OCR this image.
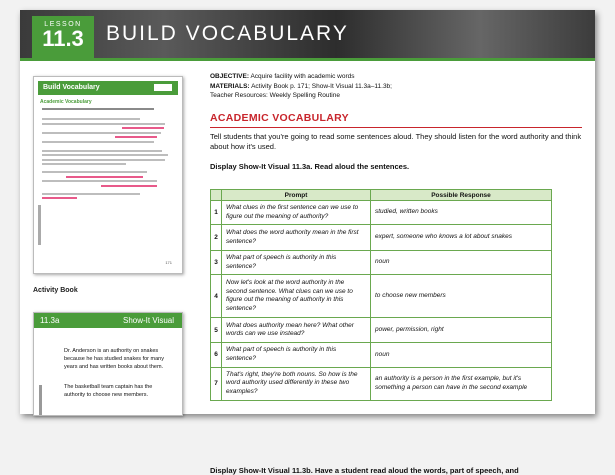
LESSON
11.3	BUILD VOCABULARY
Build Vocabulary
Academic Vocabulary
171
Activity Book
11.3a	Show-It Visual
Dr. Anderson is an authority on snakes because he has studied snakes for many years and has written books about them.
The basketball team captain has the authority to choose new members.
OBJECTIVE: Acquire facility with academic words
MATERIALS: Activity Book p. 171; Show-It Visual 11.3a–11.3b;
Teacher Resources: Weekly Spelling Routine
ACADEMIC VOCABULARY
Tell students that you're going to read some sentences aloud. They should listen for the word authority and think about how it's used.
Display Show-It Visual 11.3a. Read aloud the sentences.
	Prompt	Possible Response
1	What clues in the first sentence can we use to figure out the meaning of authority?	studied, written books
2	What does the word authority mean in the first sentence?	expert, someone who knows a lot about snakes
3	What part of speech is authority in this sentence?	noun
4	Now let's look at the word authority in the second sentence. What clues can we use to figure out the meaning of authority in this sentence?	to choose new members
5	What does authority mean here? What other words can we use instead?	power, permission, right
6	What part of speech is authority in this sentence?	noun
7	That's right, they're both nouns. So how is the word authority used differently in these two examples?	an authority is a person in the first example, but it's something a person can have in the second example
Display Show-It Visual 11.3b. Have a student read aloud the words, part of speech, and
